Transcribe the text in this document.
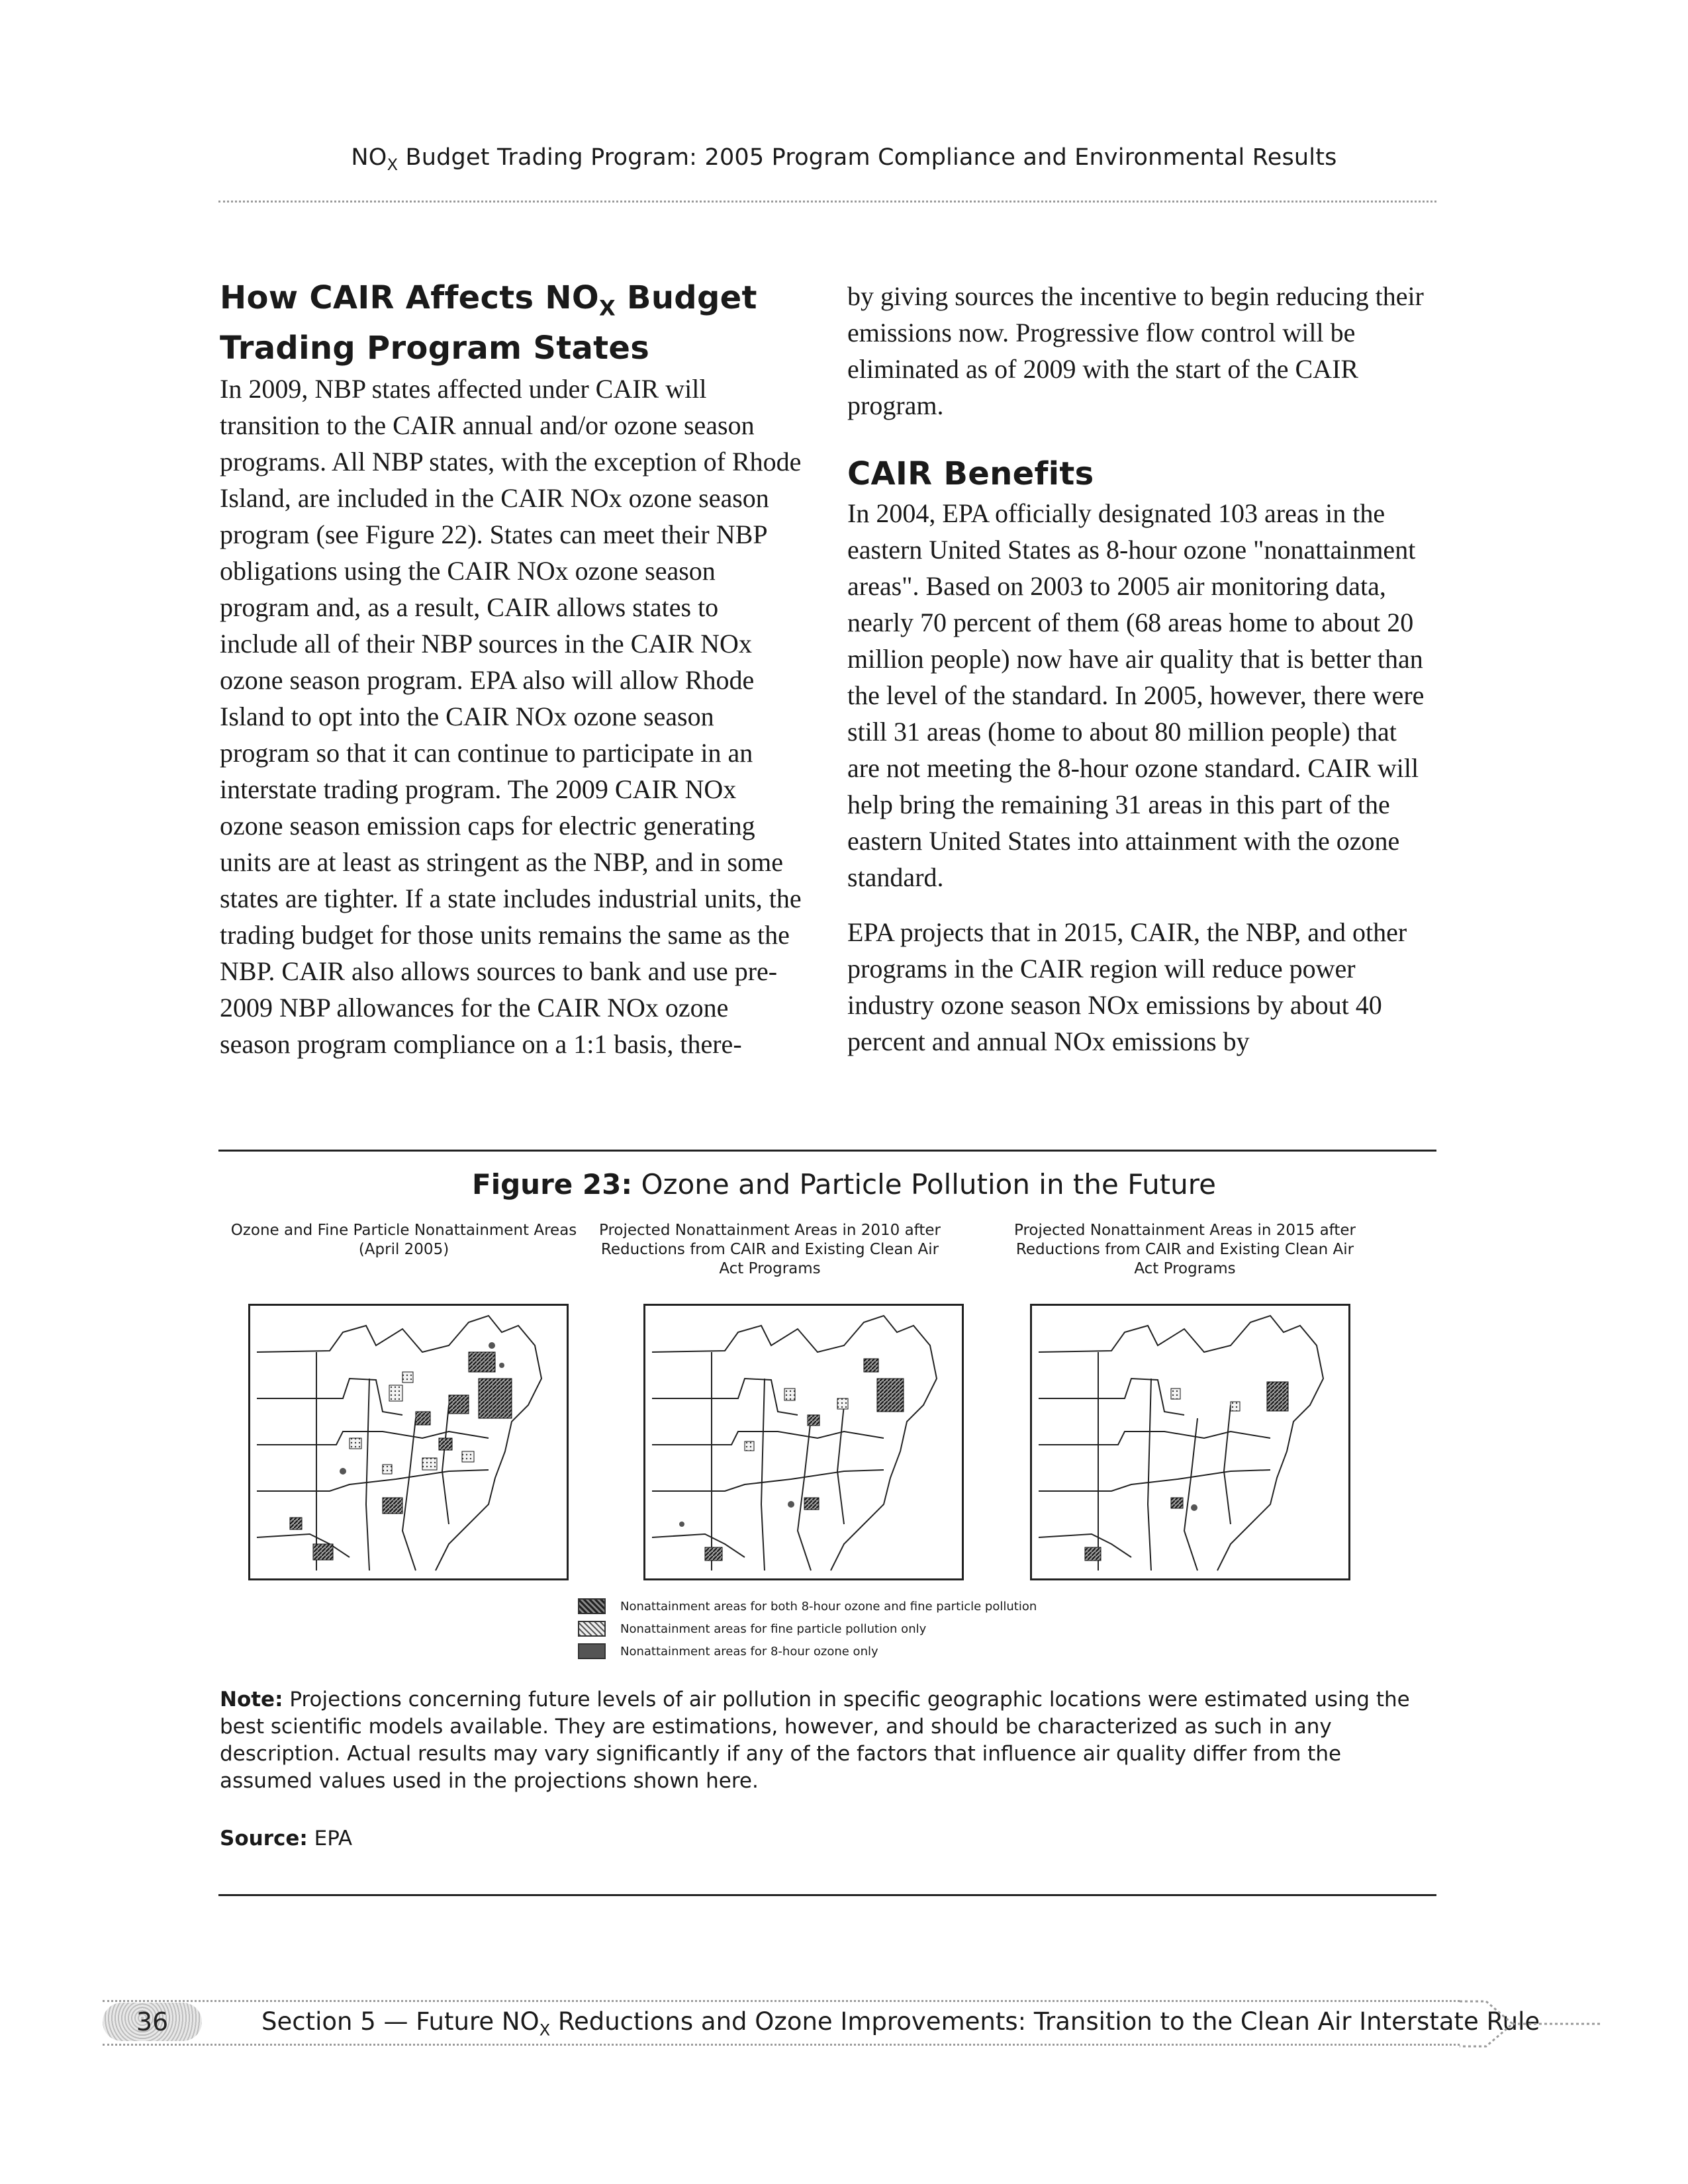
$NO_X$ Budget Trading Program: 2005 Program Compliance and Environmental Results
How CAIR Affects $NO_X$ Budget
Trading Program States

In 2009, NBP states affected under CAIR will transition to the CAIR annual and/or ozone season programs. All NBP states, with the exception of Rhode Island, are included in the CAIR NOx ozone season program (see Figure 22). States can meet their NBP obligations using the CAIR NOx ozone season program and, as a result, CAIR allows states to include all of their NBP sources in the CAIR NOx ozone season program. EPA also will allow Rhode Island to opt into the CAIR NOx ozone season program so that it can continue to participate in an interstate trading program. The 2009 CAIR NOx ozone season emission caps for electric generating units are at least as stringent as the NBP, and in some states are tighter. If a state includes industrial units, the trading budget for those units remains the same as the NBP. CAIR also allows sources to bank and use pre-2009 NBP allowances for the CAIR NOx ozone season program compliance on a 1:1 basis, there-

by giving sources the incentive to begin reducing their emissions now. Progressive flow control will be eliminated as of 2009 with the start of the CAIR program.

CAIR Benefits

In 2004, EPA officially designated 103 areas in the eastern United States as 8-hour ozone "nonattainment areas". Based on 2003 to 2005 air monitoring data, nearly 70 percent of them (68 areas home to about 20 million people) now have air quality that is better than the level of the standard. In 2005, however, there were still 31 areas (home to about 80 million people) that are not meeting the 8-hour ozone standard. CAIR will help bring the remaining 31 areas in this part of the eastern United States into attainment with the ozone standard.

EPA projects that in 2015, CAIR, the NBP, and other programs in the CAIR region will reduce power industry ozone season NOx emissions by about 40 percent and annual NOx emissions by

Figure 23: Ozone and Particle Pollution in the Future
Ozone and Fine Particle Nonattainment Areas (April 2005)
Projected Nonattainment Areas in 2010 after Reductions from CAIR and Existing Clean Air Act Programs
Projected Nonattainment Areas in 2015 after Reductions from CAIR and Existing Clean Air Act Programs
Nonattainment areas for both 8-hour ozone and fine particle pollution
Nonattainment areas for fine particle pollution only
Nonattainment areas for 8-hour ozone only
Note: Projections concerning future levels of air pollution in specific geographic locations were estimated using the best scientific models available. They are estimations, however, and should be characterized as such in any description. Actual results may vary significantly if any of the factors that influence air quality differ from the assumed values used in the projections shown here.
Source: EPA
36	Section 5 — Future $NO_X$ Reductions and Ozone Improvements: Transition to the Clean Air Interstate Rule
